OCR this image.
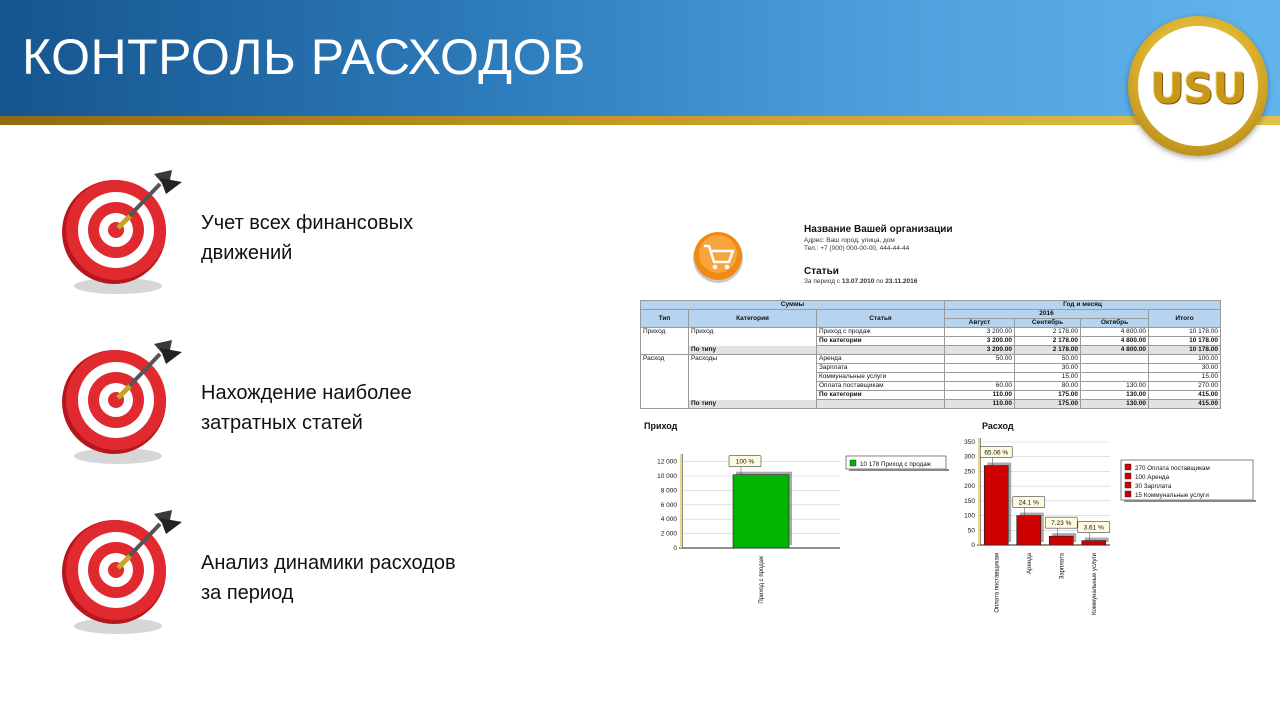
КОНТРОЛЬ РАСХОДОВ
USU
Учет всех финансовых движений
Нахождение наиболее затратных статей
Анализ динамики расходов за период
Название Вашей организации
Адрес: Ваш город, улица, дом
Тел.: +7 (000) 000-00-00, 444-44-44
Статьи
За период с 13.07.2010 по 23.11.2016
Суммы			Год и месяц			
Тип	Категория	Статья	2016			Итого
			Август	Сентябрь	Октябрь	
Приход	Приход	Приход с продаж	3 200.00	2 178.00	4 800.00	10 178.00
		По категории	3 200.00	2 178.00	4 800.00	10 178.00
	По типу		3 200.00	2 178.00	4 800.00	10 178.00
Расход	Расходы	Аренда	50.00	50.00		100.00
		Зарплата		30.00		30.00
		Коммунальные услуги		15.00		15.00
		Оплата поставщикам	60.00	80.00	130.00	270.00
		По категории	110.00	175.00	130.00	415.00
	По типу		110.00	175.00	130.00	415.00
Приход	Расход
0
2 000
4 000
6 000
8 000
10 000
12 000	100 %
Приход с продаж
10 178 Приход с продаж
0
50
100
150
200
250
300
350
65.06 %
Оплата поставщикам
24.1 %
Аренда
7.23 %
Зарплата
3.61 %
Коммунальные услуги
270 Оплата поставщикам
100 Аренда
30 Зарплата
15 Коммунальные услуги
